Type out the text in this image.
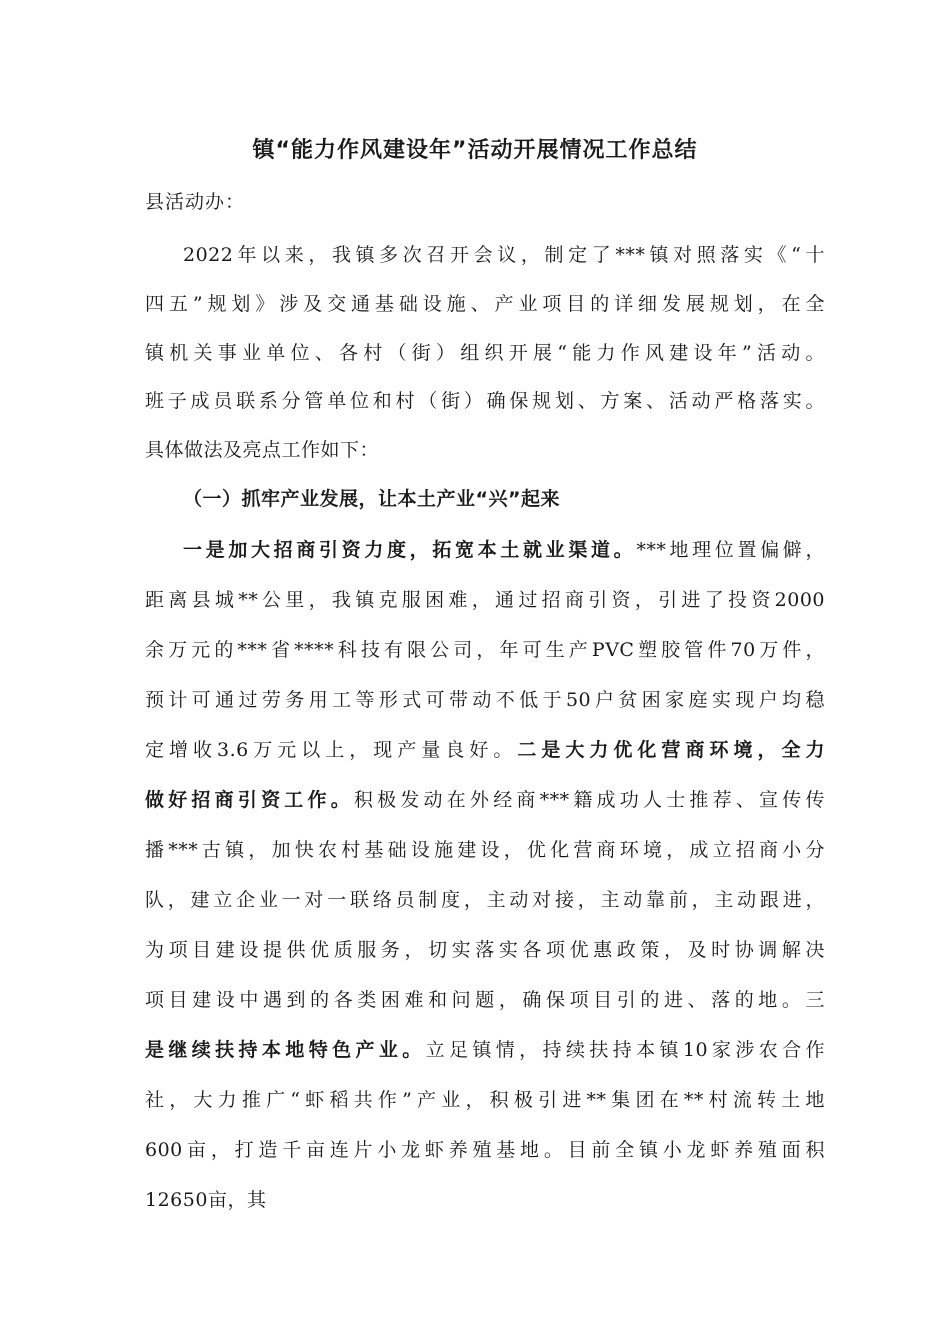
镇“能力作风建设年”活动开展情况工作总结
县活动办：
2022年以来，我镇多次召开会议，制定了***镇对照落实《“十
四五”规划》涉及交通基础设施、产业项目的详细发展规划，在全
镇机关事业单位、各村（街）组织开展“能力作风建设年”活动。
班子成员联系分管单位和村（街）确保规划、方案、活动严格落实。
具体做法及亮点工作如下：
（一）抓牢产业发展，让本土产业“兴”起来
一是加大招商引资力度，拓宽本土就业渠道。***地理位置偏僻，
距离县城**公里，我镇克服困难，通过招商引资，引进了投资2000
余万元的***省****科技有限公司，年可生产PVC塑胶管件70万件，
预计可通过劳务用工等形式可带动不低于50户贫困家庭实现户均稳
定增收3.6万元以上，现产量良好。二是大力优化营商环境，全力
做好招商引资工作。积极发动在外经商***籍成功人士推荐、宣传传
播***古镇，加快农村基础设施建设，优化营商环境，成立招商小分
队，建立企业一对一联络员制度，主动对接，主动靠前，主动跟进，
为项目建设提供优质服务，切实落实各项优惠政策，及时协调解决
项目建设中遇到的各类困难和问题，确保项目引的进、落的地。三
是继续扶持本地特色产业。立足镇情，持续扶持本镇10家涉农合作
社，大力推广“虾稻共作”产业，积极引进**集团在**村流转土地
600亩，打造千亩连片小龙虾养殖基地。目前全镇小龙虾养殖面积
12650亩，其
